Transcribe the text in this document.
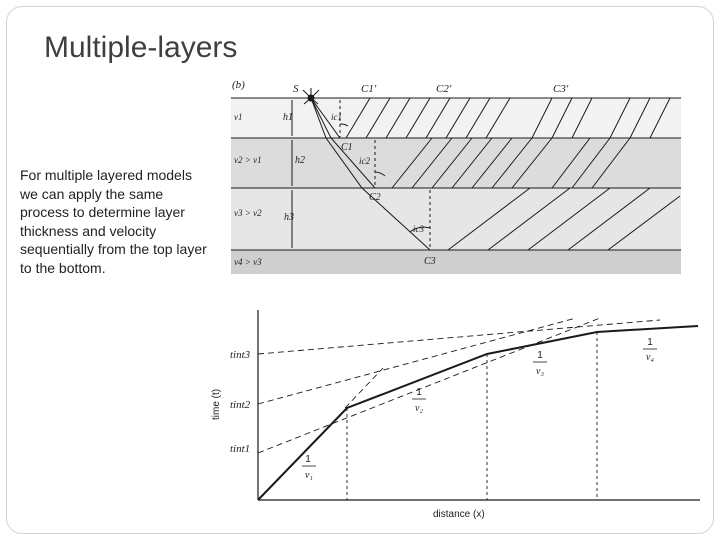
Multiple-layers
For multiple layered models we can apply the same process to determine layer thickness and velocity sequentially from the top layer to the bottom.
(b)	S	C1'	C2'	C3'
v1
v2 > v1
v3 > v2
v4 > v3
h1
h2
h3
ic1
ic2
ic3
C1
C2
C3
time (t)
distance (x)
tint3
tint2
tint1
1
v₁
1
v₂
1
v₃
1
v₄
